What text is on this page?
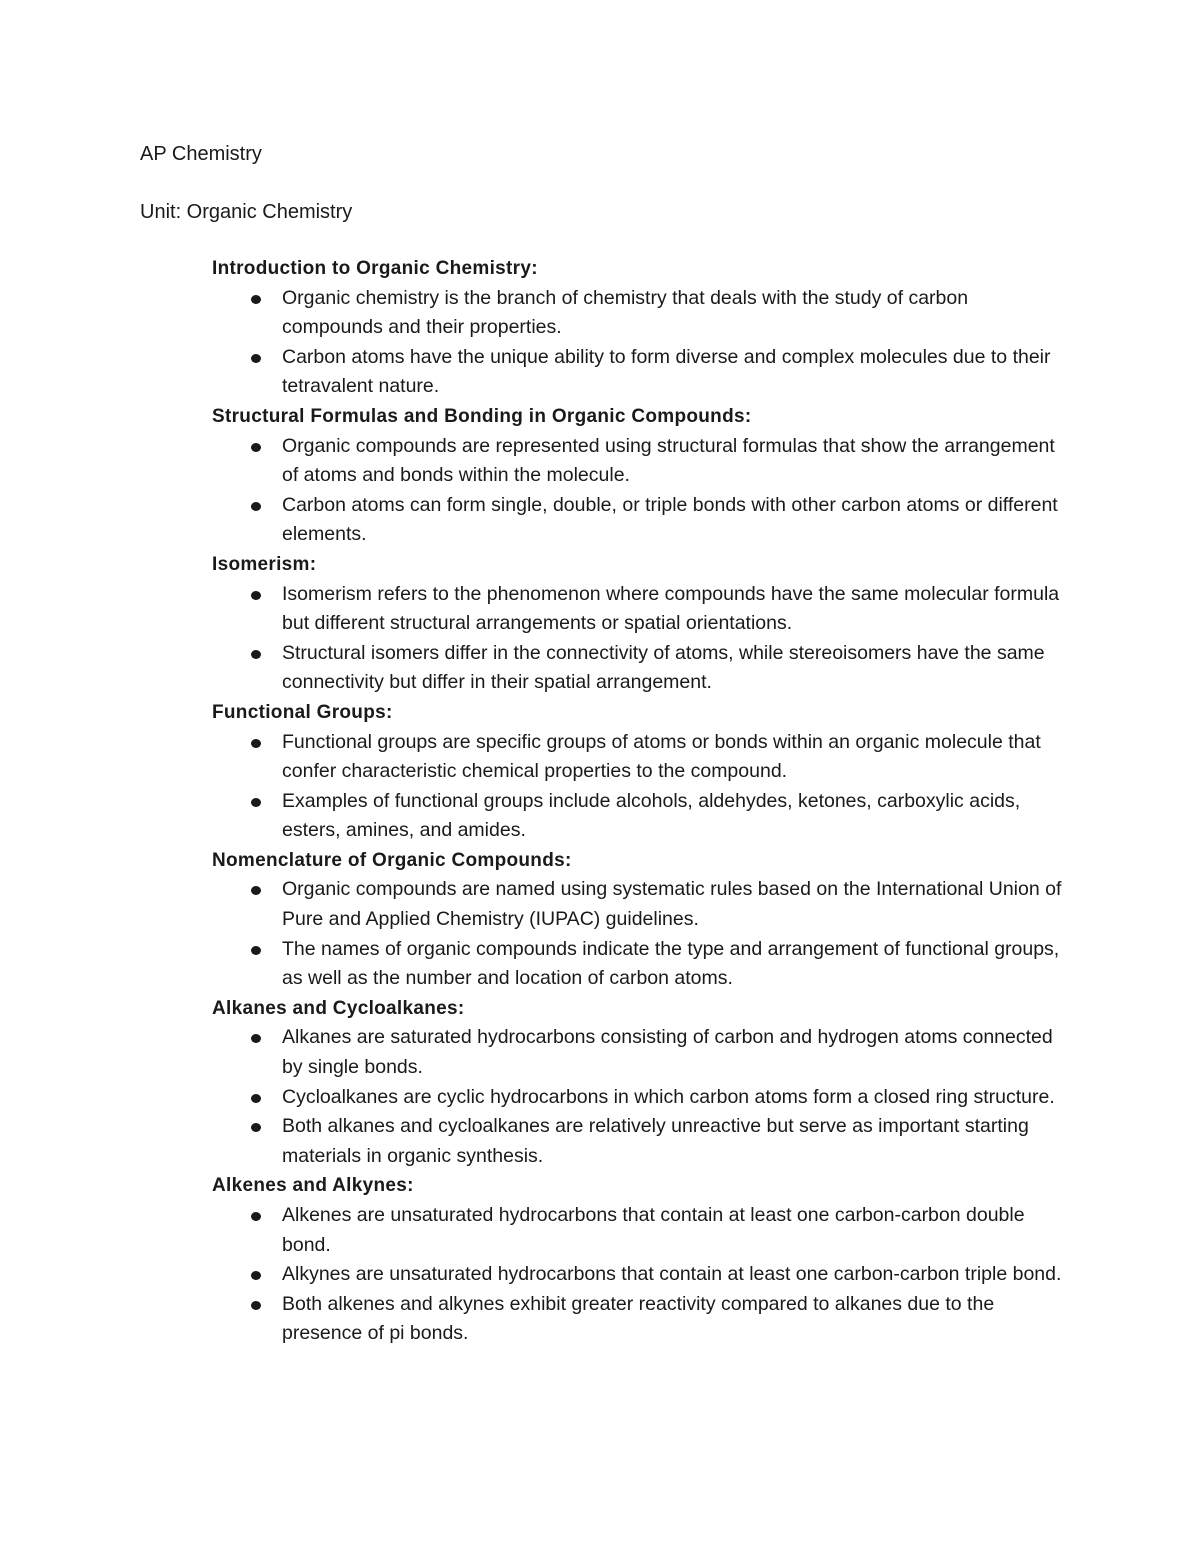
AP Chemistry
Unit: Organic Chemistry
Introduction to Organic Chemistry:
Organic chemistry is the branch of chemistry that deals with the study of carbon compounds and their properties.
Carbon atoms have the unique ability to form diverse and complex molecules due to their tetravalent nature.
Structural Formulas and Bonding in Organic Compounds:
Organic compounds are represented using structural formulas that show the arrangement of atoms and bonds within the molecule.
Carbon atoms can form single, double, or triple bonds with other carbon atoms or different elements.
Isomerism:
Isomerism refers to the phenomenon where compounds have the same molecular formula but different structural arrangements or spatial orientations.
Structural isomers differ in the connectivity of atoms, while stereoisomers have the same connectivity but differ in their spatial arrangement.
Functional Groups:
Functional groups are specific groups of atoms or bonds within an organic molecule that confer characteristic chemical properties to the compound.
Examples of functional groups include alcohols, aldehydes, ketones, carboxylic acids, esters, amines, and amides.
Nomenclature of Organic Compounds:
Organic compounds are named using systematic rules based on the International Union of Pure and Applied Chemistry (IUPAC) guidelines.
The names of organic compounds indicate the type and arrangement of functional groups, as well as the number and location of carbon atoms.
Alkanes and Cycloalkanes:
Alkanes are saturated hydrocarbons consisting of carbon and hydrogen atoms connected by single bonds.
Cycloalkanes are cyclic hydrocarbons in which carbon atoms form a closed ring structure.
Both alkanes and cycloalkanes are relatively unreactive but serve as important starting materials in organic synthesis.
Alkenes and Alkynes:
Alkenes are unsaturated hydrocarbons that contain at least one carbon-carbon double bond.
Alkynes are unsaturated hydrocarbons that contain at least one carbon-carbon triple bond.
Both alkenes and alkynes exhibit greater reactivity compared to alkanes due to the presence of pi bonds.
